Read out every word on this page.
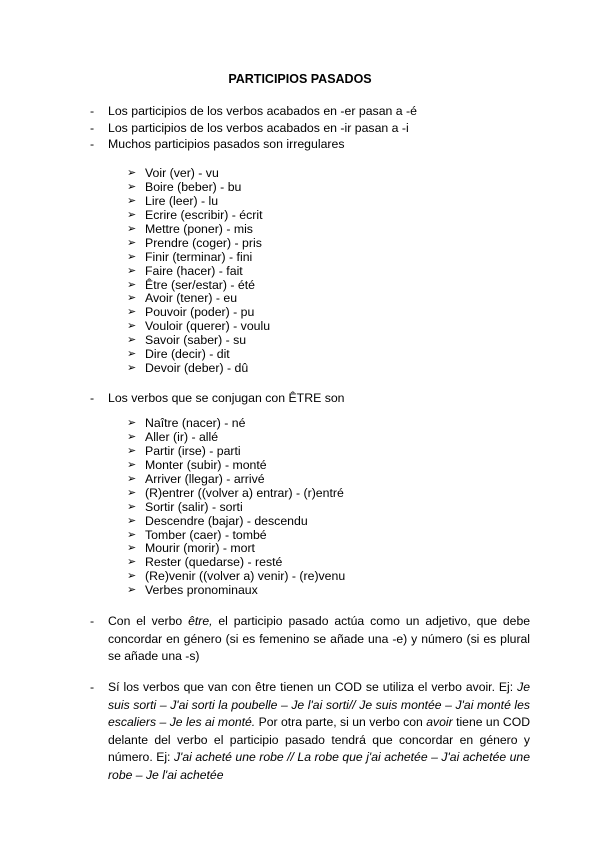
PARTICIPIOS PASADOS
- Los participios de los verbos acabados en -er pasan a -é
- Los participios de los verbos acabados en -ir pasan a -i
- Muchos participios pasados son irregulares
➢ Voir (ver) - vu
➢ Boire (beber) - bu
➢ Lire (leer) - lu
➢ Ecrire (escribir) - écrit
➢ Mettre (poner) - mis
➢ Prendre (coger) - pris
➢ Finir (terminar) - fini
➢ Faire (hacer) - fait
➢ Être (ser/estar) - été
➢ Avoir (tener) - eu
➢ Pouvoir (poder) - pu
➢ Vouloir (querer) - voulu
➢ Savoir (saber) - su
➢ Dire (decir) - dit
➢ Devoir (deber) - dû
- Los verbos que se conjugan con ÊTRE son
➢ Naître (nacer) - né
➢ Aller (ir) - allé
➢ Partir (irse) - parti
➢ Monter (subir) - monté
➢ Arriver (llegar) - arrivé
➢ (R)entrer ((volver a) entrar) - (r)entré
➢ Sortir (salir) - sorti
➢ Descendre (bajar) - descendu
➢ Tomber (caer) - tombé
➢ Mourir (morir) - mort
➢ Rester (quedarse) - resté
➢ (Re)venir ((volver a) venir) - (re)venu
➢ Verbes pronominaux
- Con el verbo être, el participio pasado actúa como un adjetivo, que debe concordar en género (si es femenino se añade una -e) y número (si es plural se añade una -s)

- Sí los verbos que van con être tienen un COD se utiliza el verbo avoir. Ej: Je suis sorti – J'ai sorti la poubelle – Je l'ai sorti// Je suis montée – J'ai monté les escaliers – Je les ai monté. Por otra parte, si un verbo con avoir tiene un COD delante del verbo el participio pasado tendrá que concordar en género y número. Ej: J'ai acheté une robe // La robe que j'ai achetée – J'ai achetée une robe – Je l'ai achetée
